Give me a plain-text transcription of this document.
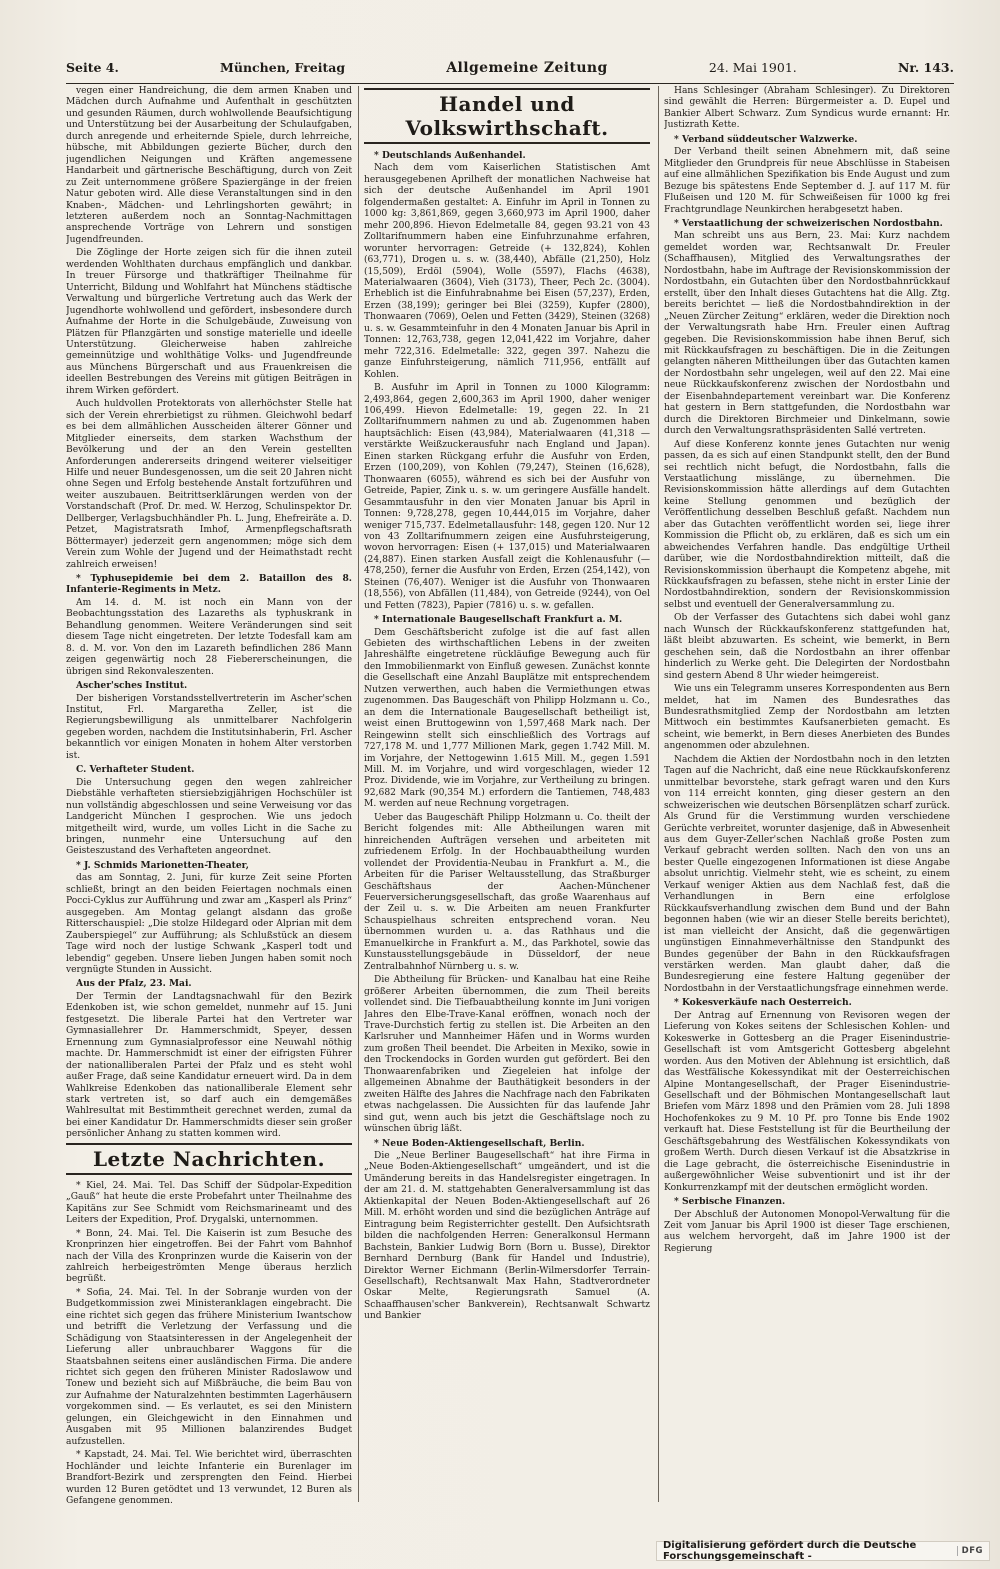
Seite 4.	München, Freitag	Allgemeine Zeitung	24. Mai 1901.	Nr. 143.

vegen einer Handreichung, die dem armen Knaben und Mädchen durch Aufnahme und Aufenthalt in geschützten und gesunden Räumen, durch wohlwollende Beaufsichtigung und Unterstützung bei der Ausarbeitung der Schulaufgaben, durch anregende und erheiternde Spiele, durch lehrreiche, hübsche, mit Abbildungen gezierte Bücher, durch den jugendlichen Neigungen und Kräften angemessene Handarbeit und gärtnerische Beschäftigung, durch von Zeit zu Zeit unternommene größere Spaziergänge in der freien Natur geboten wird. Alle diese Veranstaltungen sind in den Knaben-, Mädchen- und Lehrlingshorten gewährt; in letzteren außerdem noch an Sonntag-Nachmittagen ansprechende Vorträge von Lehrern und sonstigen Jugendfreunden.

Die Zöglinge der Horte zeigen sich für die ihnen zuteil werdenden Wohlthaten durchaus empfänglich und dankbar. In treuer Fürsorge und thatkräftiger Theilnahme für Unterricht, Bildung und Wohlfahrt hat Münchens städtische Verwaltung und bürgerliche Vertretung auch das Werk der Jugendhorte wohlwollend und gefördert, insbesondere durch Aufnahme der Horte in die Schulgebäude, Zuweisung von Plätzen für Pflanzgärten und sonstige materielle und ideelle Unterstützung. Gleicherweise haben zahlreiche gemeinnützige und wohlthätige Volks- und Jugendfreunde aus Münchens Bürgerschaft und aus Frauenkreisen die ideellen Bestrebungen des Vereins mit gütigen Beiträgen in ihrem Wirken gefördert.

Auch huldvollen Protektorats von allerhöchster Stelle hat sich der Verein ehrerbietigst zu rühmen. Gleichwohl bedarf es bei dem allmählichen Ausscheiden älterer Gönner und Mitglieder einerseits, dem starken Wachsthum der Bevölkerung und der an den Verein gestellten Anforderungen andererseits dringend weiterer vielseitiger Hilfe und neuer Bundesgenossen, um die seit 20 Jahren nicht ohne Segen und Erfolg bestehende Anstalt fortzuführen und weiter auszubauen. Beitrittserklärungen werden von der Vorstandschaft (Prof. Dr. med. W. Herzog, Schulinspektor Dr. Dellberger, Verlagsbuchhändler Ph. L. Jung, Ehefreiräte a. D. Petzet, Magistratsrath Imhof, Armenpflegschaftsrath Böttermayer) jederzeit gern angenommen; möge sich dem Verein zum Wohle der Jugend und der Heimathstadt recht zahlreich erweisen!

* Typhusepidemie bei dem 2. Bataillon des 8. Infanterie-Regiments in Metz.

Am 14. d. M. ist noch ein Mann von der Beobachtungsstation des Lazareths als typhuskrank in Behandlung genommen. Weitere Veränderungen sind seit diesem Tage nicht eingetreten. Der letzte Todesfall kam am 8. d. M. vor. Von den im Lazareth befindlichen 286 Mann zeigen gegenwärtig noch 28 Fiebererscheinungen, die übrigen sind Rekonvaleszenten.

Ascher'sches Institut.

Der bisherigen Vorstandsstellvertreterin im Ascher'schen Institut, Frl. Margaretha Zeller, ist die Regierungsbewilligung als unmittelbarer Nachfolgerin gegeben worden, nachdem die Institutsinhaberin, Frl. Ascher bekanntlich vor einigen Monaten in hohem Alter verstorben ist.

C. Verhafteter Student.

Die Untersuchung gegen den wegen zahlreicher Diebstähle verhafteten stiersiebzigjährigen Hochschüler ist nun vollständig abgeschlossen und seine Verweisung vor das Landgericht München I gesprochen. Wie uns jedoch mitgetheilt wird, wurde, um volles Licht in die Sache zu bringen, nunmehr eine Untersuchung auf den Geisteszustand des Verhafteten angeordnet.

* J. Schmids Marionetten-Theater,

das am Sonntag, 2. Juni, für kurze Zeit seine Pforten schließt, bringt an den beiden Feiertagen nochmals einen Pocci-Cyklus zur Aufführung und zwar am „Kasperl als Prinz“ ausgegeben. Am Montag gelangt alsdann das große Ritterschauspiel: „Die stolze Hildegard oder Alprian mit dem Zauberspiegel“ zur Aufführung; als Schlußstück an diesem Tage wird noch der lustige Schwank „Kasperl todt und lebendig“ gegeben. Unsere lieben Jungen haben somit noch vergnügte Stunden in Aussicht.

Aus der Pfalz, 23. Mai.

Der Termin der Landtagsnachwahl für den Bezirk Edenkoben ist, wie schon gemeldet, nunmehr auf 15. Juni festgesetzt. Die liberale Partei hat den Vertreter war Gymnasiallehrer Dr. Hammerschmidt, Speyer, dessen Ernennung zum Gymnasialprofessor eine Neuwahl nöthig machte. Dr. Hammerschmidt ist einer der eifrigsten Führer der nationalliberalen Partei der Pfalz und es steht wohl außer Frage, daß seine Kandidatur erneuert wird. Da in dem Wahlkreise Edenkoben das nationalliberale Element sehr stark vertreten ist, so darf auch ein demgemäßes Wahlresultat mit Bestimmtheit gerechnet werden, zumal da bei einer Kandidatur Dr. Hammerschmidts dieser sein großer persönlicher Anhang zu statten kommen wird.

Letzte Nachrichten.

* Kiel, 24. Mai. Tel. Das Schiff der Südpolar-Expedition „Gauß“ hat heute die erste Probefahrt unter Theilnahme des Kapitäns zur See Schmidt vom Reichsmarineamt und des Leiters der Expedition, Prof. Drygalski, unternommen.

* Bonn, 24. Mai. Tel. Die Kaiserin ist zum Besuche des Kronprinzen hier eingetroffen. Bei der Fahrt vom Bahnhof nach der Villa des Kronprinzen wurde die Kaiserin von der zahlreich herbeigeströmten Menge überaus herzlich begrüßt.

* Sofia, 24. Mai. Tel. In der Sobranje wurden von der Budgetkommission zwei Ministeranklagen eingebracht. Die eine richtet sich gegen das frühere Ministerium Iwantschow und betrifft die Verletzung der Verfassung und die Schädigung von Staatsinteressen in der Angelegenheit der Lieferung aller unbrauchbarer Waggons für die Staatsbahnen seitens einer ausländischen Firma. Die andere richtet sich gegen den früheren Minister Radoslawow und Tonew und bezieht sich auf Mißbräuche, die beim Bau von zur Aufnahme der Naturalzehnten bestimmten Lagerhäusern vorgekommen sind. — Es verlautet, es sei den Ministern gelungen, ein Gleichgewicht in den Einnahmen und Ausgaben mit 95 Millionen balanzirendes Budget aufzustellen.

* Kapstadt, 24. Mai. Tel. Wie berichtet wird, überraschten Hochländer und leichte Infanterie ein Burenlager im Brandfort-Bezirk und zersprengten den Feind. Hierbei wurden 12 Buren getödtet und 13 verwundet, 12 Buren als Gefangene genommen.

Handel und Volkswirthschaft.

* Deutschlands Außenhandel.

Nach dem vom Kaiserlichen Statistischen Amt herausgegebenen Aprilheft der monatlichen Nachweise hat sich der deutsche Außenhandel im April 1901 folgendermaßen gestaltet: A. Einfuhr im April in Tonnen zu 1000 kg: 3,861,869, gegen 3,660,973 im April 1900, daher mehr 200,896. Hievon Edelmetalle 84, gegen 93.21 von 43 Zolltarifnummern haben eine Einfuhrzunahme erfahren, worunter hervorragen: Getreide (+ 132,824), Kohlen (63,771), Drogen u. s. w. (38,440), Abfälle (21,250), Holz (15,509), Erdöl (5904), Wolle (5597), Flachs (4638), Materialwaaren (3604), Vieh (3173), Theer, Pech 2c. (3004). Erheblich ist die Einfuhrabnahme bei Eisen (57,237), Erden, Erzen (38,199); geringer bei Blei (3259), Kupfer (2800), Thonwaaren (7069), Oelen und Fetten (3429), Steinen (3268) u. s. w. Gesammteinfuhr in den 4 Monaten Januar bis April in Tonnen: 12,763,738, gegen 12,041,422 im Vorjahre, daher mehr 722,316. Edelmetalle: 322, gegen 397. Nahezu die ganze Einfuhrsteigerung, nämlich 711,956, entfällt auf Kohlen.

B. Ausfuhr im April in Tonnen zu 1000 Kilogramm: 2,493,864, gegen 2,600,363 im April 1900, daher weniger 106,499. Hievon Edelmetalle: 19, gegen 22. In 21 Zolltarifnummern nahmen zu und ab. Zugenommen haben hauptsächlich: Eisen (43,984), Materialwaaren (41,318 — verstärkte Weißzuckerausfuhr nach England und Japan). Einen starken Rückgang erfuhr die Ausfuhr von Erden, Erzen (100,209), von Kohlen (79,247), Steinen (16,628), Thonwaaren (6055), während es sich bei der Ausfuhr von Getreide, Papier, Zink u. s. w. um geringere Ausfälle handelt. Gesammtausfuhr in den vier Monaten Januar bis April in Tonnen: 9,728,278, gegen 10,444,015 im Vorjahre, daher weniger 715,737. Edelmetallausfuhr: 148, gegen 120. Nur 12 von 43 Zolltarifnummern zeigen eine Ausfuhrsteigerung, wovon hervorragen: Eisen (+ 137,015) und Materialwaaren (24,887). Einen starken Ausfall zeigt die Kohlenausfuhr (— 478,250), ferner die Ausfuhr von Erden, Erzen (254,142), von Steinen (76,407). Weniger ist die Ausfuhr von Thonwaaren (18,556), von Abfällen (11,484), von Getreide (9244), von Oel und Fetten (7823), Papier (7816) u. s. w. gefallen.

* Internationale Baugesellschaft Frankfurt a. M.

Dem Geschäftsbericht zufolge ist die auf fast allen Gebieten des wirthschaftlichen Lebens in der zweiten Jahreshälfte eingetretene rückläufige Bewegung auch für den Immobilienmarkt von Einfluß gewesen. Zunächst konnte die Gesellschaft eine Anzahl Bauplätze mit entsprechendem Nutzen verwerthen, auch haben die Vermiethungen etwas zugenommen. Das Baugeschäft von Philipp Holzmann u. Co., an dem die Internationale Baugesellschaft betheiligt ist, weist einen Bruttogewinn von 1,597,468 Mark nach. Der Reingewinn stellt sich einschließlich des Vortrags auf 727,178 M. und 1,777 Millionen Mark, gegen 1.742 Mill. M. im Vorjahre, der Nettogewinn 1.615 Mill. M., gegen 1.591 Mill. M. im Vorjahre, und wird vorgeschlagen, wieder 12 Proz. Dividende, wie im Vorjahre, zur Vertheilung zu bringen. 92,682 Mark (90,354 M.) erfordern die Tantiemen, 748,483 M. werden auf neue Rechnung vorgetragen.

Ueber das Baugeschäft Philipp Holzmann u. Co. theilt der Bericht folgendes mit: Alle Abtheilungen waren mit hinreichenden Aufträgen versehen und arbeiteten mit zufriedenem Erfolg. In der Hochbauabtheilung wurden vollendet der Providentia-Neubau in Frankfurt a. M., die Arbeiten für die Pariser Weltausstellung, das Straßburger Geschäftshaus der Aachen-Münchener Feuerversicherungsgesellschaft, das große Waarenhaus auf der Zeil u. s. w. Die Arbeiten am neuen Frankfurter Schauspielhaus schreiten entsprechend voran. Neu übernommen wurden u. a. das Rathhaus und die Emanuelkirche in Frankfurt a. M., das Parkhotel, sowie das Kunstausstellungsgebäude in Düsseldorf, der neue Zentralbahnhof Nürnberg u. s. w.

Die Abtheilung für Brücken- und Kanalbau hat eine Reihe größerer Arbeiten übernommen, die zum Theil bereits vollendet sind. Die Tiefbauabtheilung konnte im Juni vorigen Jahres den Elbe-Trave-Kanal eröffnen, wonach noch der Trave-Durchstich fertig zu stellen ist. Die Arbeiten an den Karlsruher und Mannheimer Häfen und in Worms wurden zum großen Theil beendet. Die Arbeiten in Mexiko, sowie in den Trockendocks in Gorden wurden gut gefördert. Bei den Thonwaarenfabriken und Ziegeleien hat infolge der allgemeinen Abnahme der Bauthätigkeit besonders in der zweiten Hälfte des Jahres die Nachfrage nach den Fabrikaten etwas nachgelassen. Die Aussichten für das laufende Jahr sind gut, wenn auch bis jetzt die Geschäftslage noch zu wünschen übrig läßt.

* Neue Boden-Aktiengesellschaft, Berlin.

Die „Neue Berliner Baugesellschaft“ hat ihre Firma in „Neue Boden-Aktiengesellschaft“ umgeändert, und ist die Umänderung bereits in das Handelsregister eingetragen. In der am 21. d. M. stattgehabten Generalversammlung ist das Aktienkapital der Neuen Boden-Aktiengesellschaft auf 26 Mill. M. erhöht worden und sind die bezüglichen Anträge auf Eintragung beim Registerrichter gestellt. Den Aufsichtsrath bilden die nachfolgenden Herren: Generalkonsul Hermann Bachstein, Bankier Ludwig Born (Born u. Busse), Direktor Bernhard Dernburg (Bank für Handel und Industrie), Direktor Werner Eichmann (Berlin-Wilmersdorfer Terrain-Gesellschaft), Rechtsanwalt Max Hahn, Stadtverordneter Oskar Melte, Regierungsrath Samuel (A. Schaaffhausen'scher Bankverein), Rechtsanwalt Schwartz und Bankier

Hans Schlesinger (Abraham Schlesinger). Zu Direktoren sind gewählt die Herren: Bürgermeister a. D. Eupel und Bankier Albert Schwarz. Zum Syndicus wurde ernannt: Hr. Justizrath Kette.

* Verband süddeutscher Walzwerke.

Der Verband theilt seinen Abnehmern mit, daß seine Mitglieder den Grundpreis für neue Abschlüsse in Stabeisen auf eine allmählichen Spezifikation bis Ende August und zum Bezuge bis spätestens Ende September d. J. auf 117 M. für Flußeisen und 120 M. für Schweißeisen für 1000 kg frei Frachtgrundlage Neunkirchen herabgesetzt haben.

* Verstaatlichung der schweizerischen Nordostbahn.

Man schreibt uns aus Bern, 23. Mai: Kurz nachdem gemeldet worden war, Rechtsanwalt Dr. Freuler (Schaffhausen), Mitglied des Verwaltungsrathes der Nordostbahn, habe im Auftrage der Revisionskommission der Nordostbahn, ein Gutachten über den Nordostbahnrückkauf erstellt, über den Inhalt dieses Gutachtens hat die Allg. Ztg. bereits berichtet — ließ die Nordostbahndirektion in der „Neuen Zürcher Zeitung“ erklären, weder die Direktion noch der Verwaltungsrath habe Hrn. Freuler einen Auftrag gegeben. Die Revisionskommission habe ihnen Beruf, sich mit Rückkaufsfragen zu beschäftigen. Die in die Zeitungen gelangten näheren Mittheilungen über das Gutachten kamen der Nordostbahn sehr ungelegen, weil auf den 22. Mai eine neue Rückkaufskonferenz zwischen der Nordostbahn und der Eisenbahndepartement vereinbart war. Die Konferenz hat gestern in Bern stattgefunden, die Nordostbahn war durch die Direktoren Birchmeier und Dinkelmann, sowie durch den Verwaltungsrathspräsidenten Sallé vertreten.

Auf diese Konferenz konnte jenes Gutachten nur wenig passen, da es sich auf einen Standpunkt stellt, den der Bund sei rechtlich nicht befugt, die Nordostbahn, falls die Verstaatlichung misslänge, zu übernehmen. Die Revisionskommission hätte allerdings auf dem Gutachten keine Stellung genommen und bezüglich der Veröffentlichung desselben Beschluß gefaßt. Nachdem nun aber das Gutachten veröffentlicht worden sei, liege ihrer Kommission die Pflicht ob, zu erklären, daß es sich um ein abweichendes Verfahren handle. Das endgültige Urtheil darüber, wie die Nordostbahndirektion mitteilt, daß die Revisionskommission überhaupt die Kompetenz abgehe, mit Rückkaufsfragen zu befassen, stehe nicht in erster Linie der Nordostbahndirektion, sondern der Revisionskommission selbst und eventuell der Generalversammlung zu.

Ob der Verfasser des Gutachtens sich dabei wohl ganz nach Wunsch der Rückkaufskonferenz stattgefunden hat, läßt bleibt abzuwarten. Es scheint, wie bemerkt, in Bern geschehen sein, daß die Nordostbahn an ihrer offenbar hinderlich zu Werke geht. Die Delegirten der Nordostbahn sind gestern Abend 8 Uhr wieder heimgereist.

Wie uns ein Telegramm unseres Korrespondenten aus Bern meldet, hat im Namen des Bundesrathes das Bundesrathsmitglied Zemp der Nordostbahn am letzten Mittwoch ein bestimmtes Kaufsanerbieten gemacht. Es scheint, wie bemerkt, in Bern dieses Anerbieten des Bundes angenommen oder abzulehnen.

Nachdem die Aktien der Nordostbahn noch in den letzten Tagen auf die Nachricht, daß eine neue Rückkaufskonferenz unmittelbar bevorstehe, stark gefragt waren und den Kurs von 114 erreicht konnten, ging dieser gestern an den schweizerischen wie deutschen Börsenplätzen scharf zurück. Als Grund für die Verstimmung wurden verschiedene Gerüchte verbreitet, worunter dasjenige, daß in Abwesenheit aus dem Guyer-Zeller'schen Nachlaß große Posten zum Verkauf gebracht werden sollten. Nach den von uns an bester Quelle eingezogenen Informationen ist diese Angabe absolut unrichtig. Vielmehr steht, wie es scheint, zu einem Verkauf weniger Aktien aus dem Nachlaß fest, daß die Verhandlungen in Bern eine erfolglose Rückkaufsverhandlung zwischen dem Bund und der Bahn begonnen haben (wie wir an dieser Stelle bereits berichtet), ist man vielleicht der Ansicht, daß die gegenwärtigen ungünstigen Einnahmeverhältnisse den Standpunkt des Bundes gegenüber der Bahn in den Rückkaufsfragen verstärken werden. Man glaubt daher, daß die Bundesregierung eine festere Haltung gegenüber der Nordostbahn in der Verstaatlichungsfrage einnehmen werde.

* Kokesverkäufe nach Oesterreich.

Der Antrag auf Ernennung von Revisoren wegen der Lieferung von Kokes seitens der Schlesischen Kohlen- und Kokeswerke in Gottesberg an die Prager Eisenindustrie-Gesellschaft ist vom Amtsgericht Gottesberg abgelehnt worden. Aus den Motiven der Ablehnung ist ersichtlich, daß das Westfälische Kokessyndikat mit der Oesterreichischen Alpine Montangesellschaft, der Prager Eisenindustrie-Gesellschaft und der Böhmischen Montangesellschaft laut Briefen vom März 1898 und den Prämien vom 28. Juli 1898 Hochofenkokes zu 9 M. 10 Pf. pro Tonne bis Ende 1902 verkauft hat. Diese Feststellung ist für die Beurtheilung der Geschäftsgebahrung des Westfälischen Kokessyndikats von großem Werth. Durch diesen Verkauf ist die Absatzkrise in die Lage gebracht, die österreichische Eisenindustrie in außergewöhnlicher Weise subventionirt und ist ihr der Konkurrenzkampf mit der deutschen ermöglicht worden.

* Serbische Finanzen.

Der Abschluß der Autonomen Monopol-Verwaltung für die Zeit vom Januar bis April 1900 ist dieser Tage erschienen, aus welchem hervorgeht, daß im Jahre 1900 ist der Regierung

Digitalisierung gefördert durch die Deutsche Forschungsgemeinschaft -	DFG
